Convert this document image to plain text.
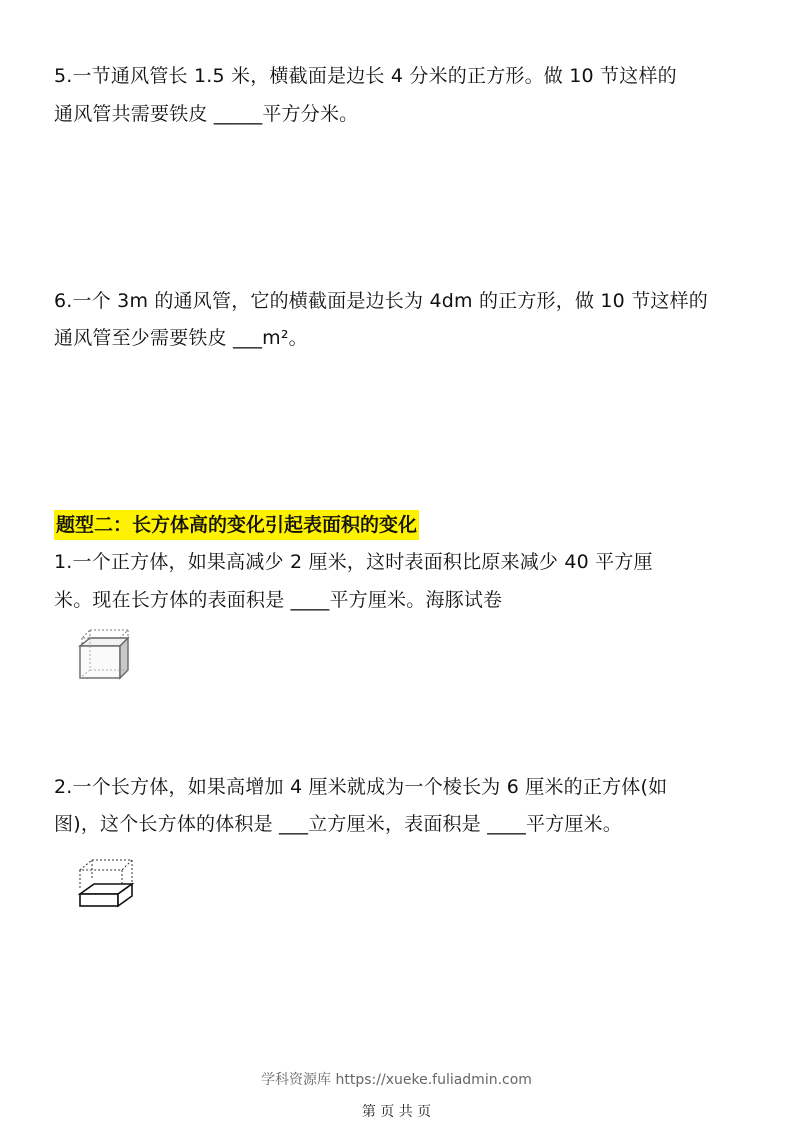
5.一节通风管长 1.5 米，横截面是边长 4 分米的正方形。做 10 节这样的
通风管共需要铁皮 _____平方分米。
6.一个 3m 的通风管，它的横截面是边长为 4dm 的正方形，做 10 节这样的
通风管至少需要铁皮 ___m²。
题型二：长方体高的变化引起表面积的变化
1.一个正方体，如果高减少 2 厘米，这时表面积比原来减少 40 平方厘
米。现在长方体的表面积是 ____平方厘米。海豚试卷
2.一个长方体，如果高增加 4 厘米就成为一个棱长为 6 厘米的正方体(如
图)，这个长方体的体积是 ___立方厘米，表面积是 ____平方厘米。
学科资源库 https://xueke.fuliadmin.com
第 页 共 页
